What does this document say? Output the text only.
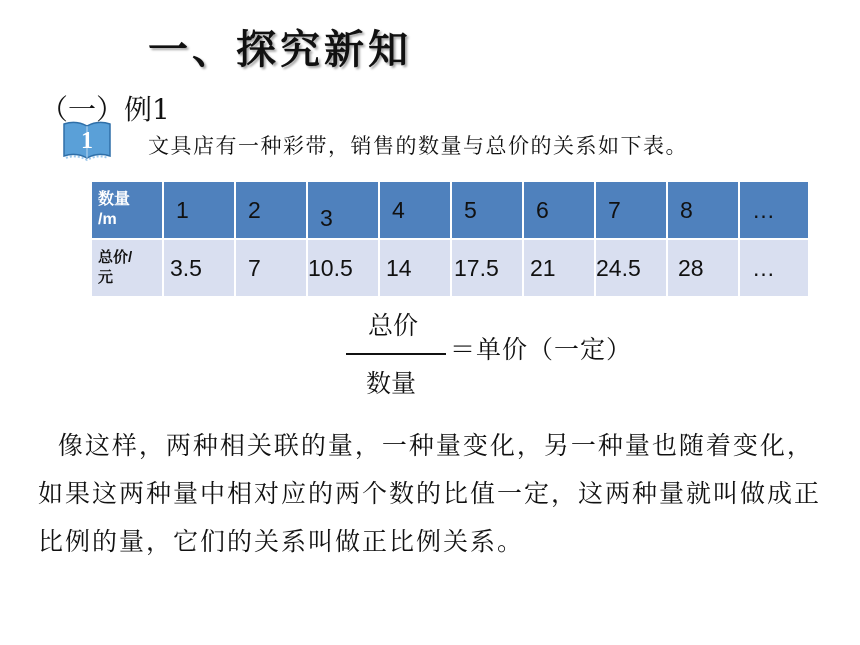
一、探究新知
（一）例1
1	文具店有一种彩带，销售的数量与总价的关系如下表。
数量
/m	1	2	3	4	5	6	7	8	…
总价/
元	3.5	7	10.5	14	17.5	21	24.5	28	…
总价
数量
＝单价（一定）
像这样，两种相关联的量，一种量变化，另一种量也随着变化，如果这两种量中相对应的两个数的比值一定，这两种量就叫做成正比例的量，它们的关系叫做正比例关系。
